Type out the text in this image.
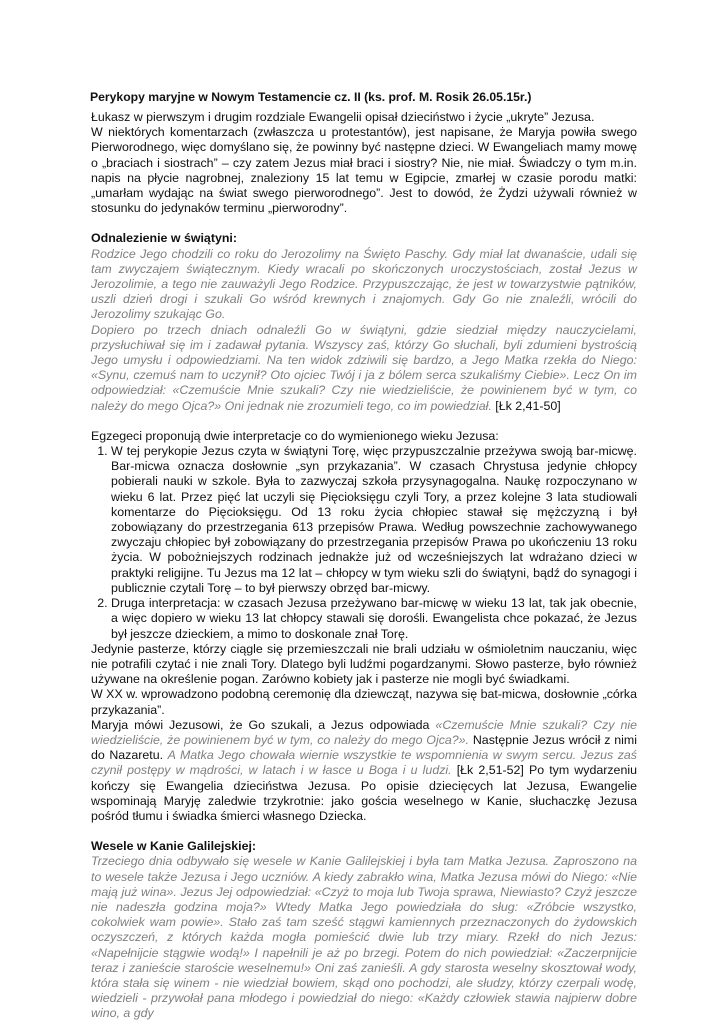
Perykopy maryjne w Nowym Testamencie cz. II (ks. prof. M. Rosik 26.05.15r.)

Łukasz w pierwszym i drugim rozdziale Ewangelii opisał dzieciństwo i życie „ukryte” Jezusa.

W niektórych komentarzach (zwłaszcza u protestantów), jest napisane, że Maryja powiła swego Pierworodnego, więc domyślano się, że powinny być następne dzieci. W Ewangeliach mamy mowę o „braciach i siostrach” – czy zatem Jezus miał braci i siostry? Nie, nie miał. Świadczy o tym m.in. napis na płycie nagrobnej, znaleziony 15 lat temu w Egipcie, zmarłej w czasie porodu matki: „umarłam wydając na świat swego pierworodnego”. Jest to dowód, że Żydzi używali również w stosunku do jedynaków terminu „pierworodny”.

Odnalezienie w świątyni:

Rodzice Jego chodzili co roku do Jerozolimy na Święto Paschy. Gdy miał lat dwanaście, udali się tam zwyczajem świątecznym. Kiedy wracali po skończonych uroczystościach, został Jezus w Jerozolimie, a tego nie zauważyli Jego Rodzice. Przypuszczając, że jest w towarzystwie pątników, uszli dzień drogi i szukali Go wśród krewnych i znajomych. Gdy Go nie znaleźli, wrócili do Jerozolimy szukając Go.

Dopiero po trzech dniach odnaleźli Go w świątyni, gdzie siedział między nauczycielami, przysłuchiwał się im i zadawał pytania. Wszyscy zaś, którzy Go słuchali, byli zdumieni bystrością Jego umysłu i odpowiedziami. Na ten widok zdziwili się bardzo, a Jego Matka rzekła do Niego: «Synu, czemuś nam to uczynił? Oto ojciec Twój i ja z bólem serca szukaliśmy Ciebie». Lecz On im odpowiedział: «Czemuście Mnie szukali? Czy nie wiedzieliście, że powinienem być w tym, co należy do mego Ojca?» Oni jednak nie zrozumieli tego, co im powiedział. [Łk 2,41-50]

Egzegeci proponują dwie interpretacje co do wymienionego wieku Jezusa:

1. W tej perykopie Jezus czyta w świątyni Torę, więc przypuszczalnie przeżywa swoją bar-micwę. Bar-micwa oznacza dosłownie „syn przykazania”. W czasach Chrystusa jedynie chłopcy pobierali nauki w szkole. Była to zazwyczaj szkoła przysynagogalna. Naukę rozpoczynano w wieku 6 lat. Przez pięć lat uczyli się Pięcioksięgu czyli Tory, a przez kolejne 3 lata studiowali komentarze do Pięcioksięgu. Od 13 roku życia chłopiec stawał się mężczyzną i był zobowiązany do przestrzegania 613 przepisów Prawa. Według powszechnie zachowywanego zwyczaju chłopiec był zobowiązany do przestrzegania przepisów Prawa po ukończeniu 13 roku życia. W pobożniejszych rodzinach jednakże już od wcześniejszych lat wdrażano dzieci w praktyki religijne. Tu Jezus ma 12 lat – chłopcy w tym wieku szli do świątyni, bądź do synagogi i publicznie czytali Torę – to był pierwszy obrzęd bar-micwy.
2. Druga interpretacja: w czasach Jezusa przeżywano bar-micwę w wieku 13 lat, tak jak obecnie, a więc dopiero w wieku 13 lat chłopcy stawali się dorośli. Ewangelista chce pokazać, że Jezus był jeszcze dzieckiem, a mimo to doskonale znał Torę.

Jedynie pasterze, którzy ciągle się przemieszczali nie brali udziału w ośmioletnim nauczaniu, więc nie potrafili czytać i nie znali Tory. Dlatego byli ludźmi pogardzanymi. Słowo pasterze, było również używane na określenie pogan. Zarówno kobiety jak i pasterze nie mogli być świadkami.

W XX w. wprowadzono podobną ceremonię dla dziewcząt, nazywa się bat-micwa, dosłownie „córka przykazania”.

Maryja mówi Jezusowi, że Go szukali, a Jezus odpowiada «Czemuście Mnie szukali? Czy nie wiedzieliście, że powinienem być w tym, co należy do mego Ojca?». Następnie Jezus wrócił z nimi do Nazaretu. A Matka Jego chowała wiernie wszystkie te wspomnienia w swym sercu. Jezus zaś czynił postępy w mądrości, w latach i w łasce u Boga i u ludzi. [Łk 2,51-52] Po tym wydarzeniu kończy się Ewangelia dzieciństwa Jezusa. Po opisie dziecięcych lat Jezusa, Ewangelie wspominają Maryję zaledwie trzykrotnie: jako gościa weselnego w Kanie, słuchaczkę Jezusa pośród tłumu i świadka śmierci własnego Dziecka.

Wesele w Kanie Galilejskiej:

Trzeciego dnia odbywało się wesele w Kanie Galilejskiej i była tam Matka Jezusa. Zaproszono na to wesele także Jezusa i Jego uczniów. A kiedy zabrakło wina, Matka Jezusa mówi do Niego: «Nie mają już wina». Jezus Jej odpowiedział: «Czyż to moja lub Twoja sprawa, Niewiasto? Czyż jeszcze nie nadeszła godzina moja?» Wtedy Matka Jego powiedziała do sług: «Zróbcie wszystko, cokolwiek wam powie». Stało zaś tam sześć stągwi kamiennych przeznaczonych do żydowskich oczyszczeń, z których każda mogła pomieścić dwie lub trzy miary. Rzekł do nich Jezus: «Napełnijcie stągwie wodą!» I napełnili je aż po brzegi. Potem do nich powiedział: «Zaczerpnijcie teraz i zanieście staroście weselnemu!» Oni zaś zanieśli. A gdy starosta weselny skosztował wody, która stała się winem - nie wiedział bowiem, skąd ono pochodzi, ale słudzy, którzy czerpali wodę, wiedzieli - przywołał pana młodego i powiedział do niego: «Każdy człowiek stawia najpierw dobre wino, a gdy
